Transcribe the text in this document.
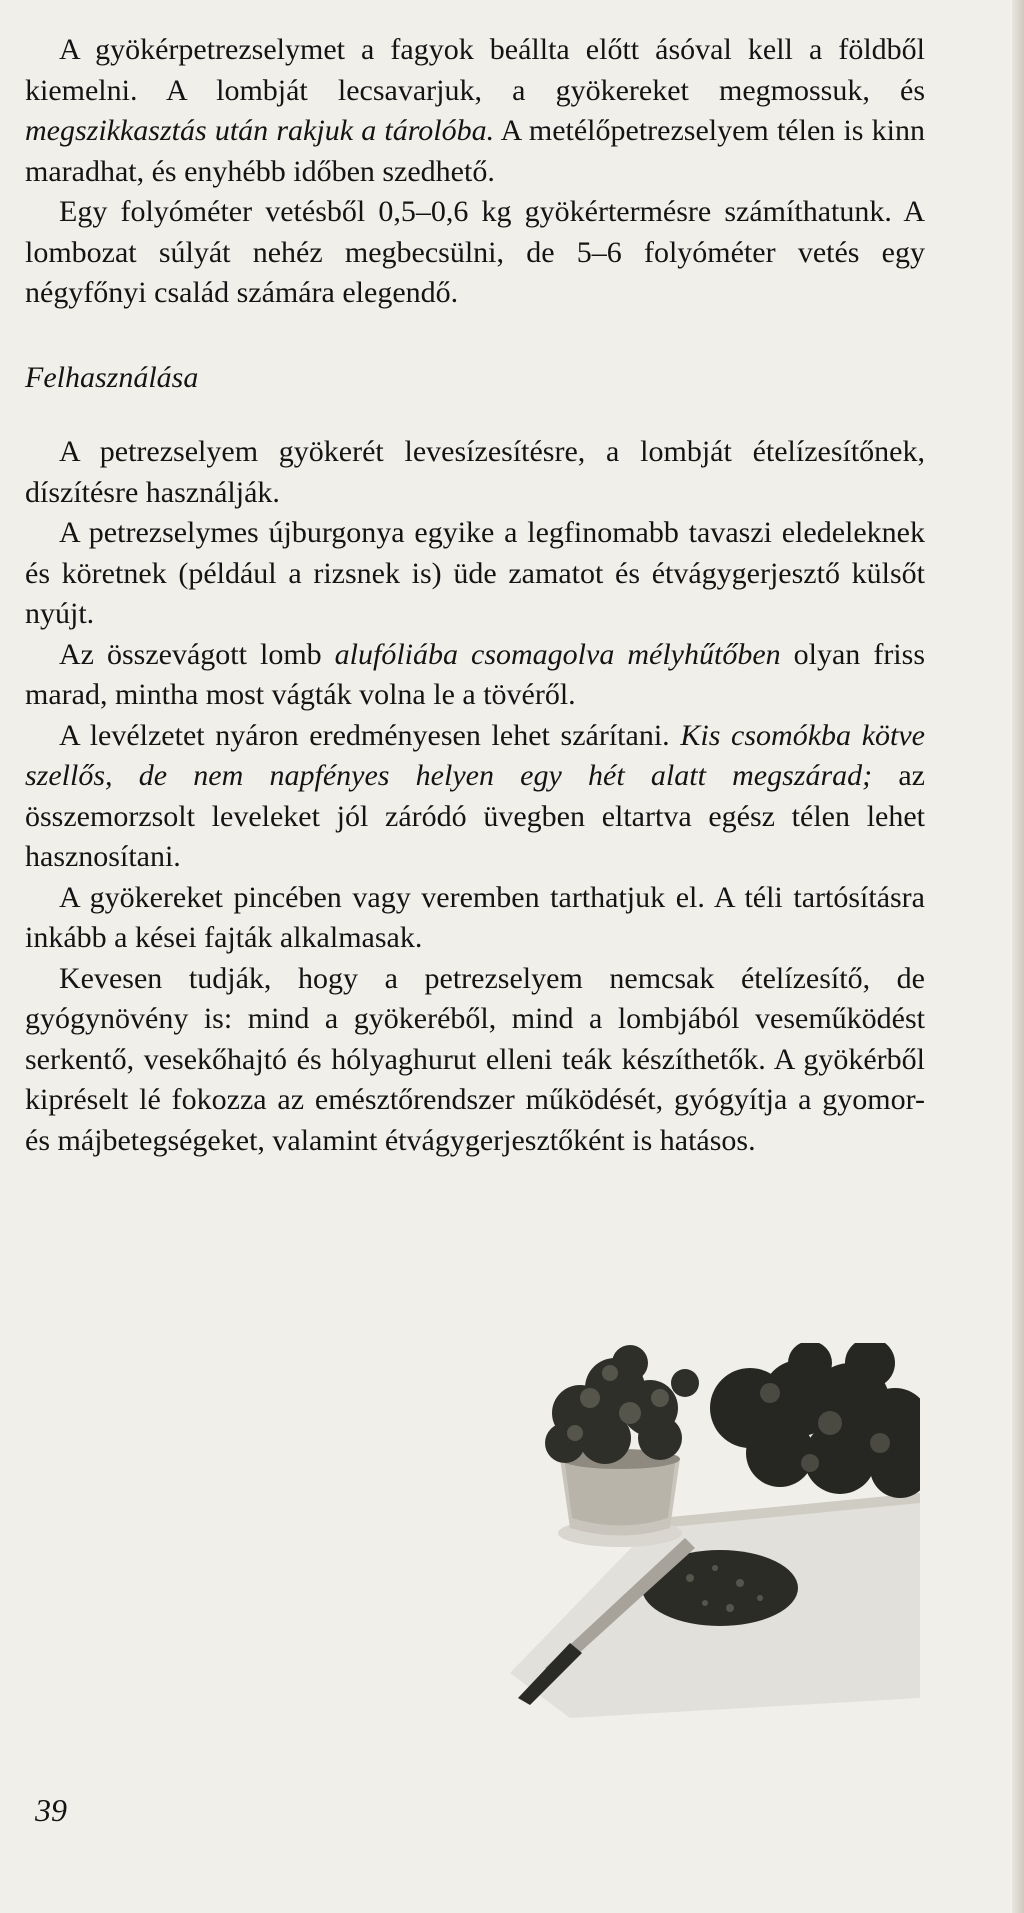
A gyökérpetrezselymet a fagyok beállta előtt ásóval kell a földből kiemelni. A lombját lecsavarjuk, a gyökereket megmossuk, és megszikkasztás után rakjuk a tárolóba. A metélőpetrezselyem télen is kinn maradhat, és enyhébb időben szedhető.

Egy folyóméter vetésből 0,5–0,6 kg gyökértermésre számíthatunk. A lombozat súlyát nehéz megbecsülni, de 5–6 folyóméter vetés egy négyfőnyi család számára elegendő.

Felhasználása

A petrezselyem gyökerét levesízesítésre, a lombját ételízesítőnek, díszítésre használják.

A petrezselymes újburgonya egyike a legfinomabb tavaszi eledeleknek és köretnek (például a rizsnek is) üde zamatot és étvágygerjesztő külsőt nyújt.

Az összevágott lomb alufóliába csomagolva mélyhűtőben olyan friss marad, mintha most vágták volna le a tövéről.

A levélzetet nyáron eredményesen lehet szárítani. Kis csomókba kötve szellős, de nem napfényes helyen egy hét alatt megszárad; az összemorzsolt leveleket jól záródó üvegben eltartva egész télen lehet hasznosítani.

A gyökereket pincében vagy veremben tarthatjuk el. A téli tartósításra inkább a kései fajták alkalmasak.

Kevesen tudják, hogy a petrezselyem nemcsak ételízesítő, de gyógynövény is: mind a gyökeréből, mind a lombjából veseműködést serkentő, vesekőhajtó és hólyaghurut elleni teák készíthetők. A gyökérből kipréselt lé fokozza az emésztőrendszer működését, gyógyítja a gyomor- és májbetegségeket, valamint étvágygerjesztőként is hatásos.

39
